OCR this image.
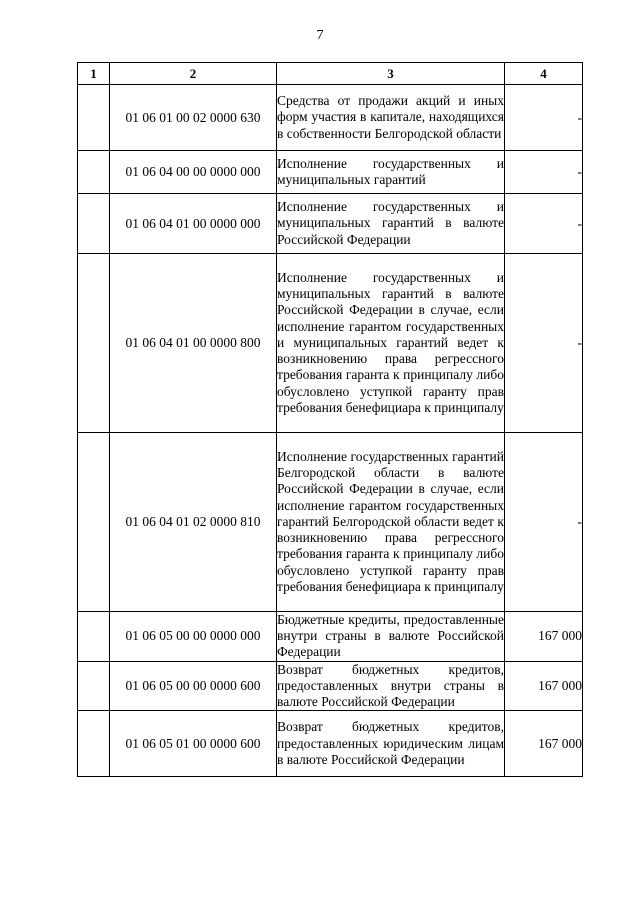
7
1	2	3	4
	01 06 01 00 02 0000 630	Средства от продажи акций и иных форм участия в капитале, находящихся в собственности Белгородской области	-
	01 06 04 00 00 0000 000	Исполнение государственных и муниципальных гарантий	-
	01 06 04 01 00 0000 000	Исполнение государственных и муниципальных гарантий в валюте Российской Федерации	-
	01 06 04 01 00 0000 800	Исполнение государственных и муниципальных гарантий в валюте Российской Федерации в случае, если исполнение гарантом государственных и муниципальных гарантий ведет к возникновению права регрессного требования гаранта к принципалу либо обусловлено уступкой гаранту прав требования бенефициара к принципалу	-
	01 06 04 01 02 0000 810	Исполнение государственных гарантий Белгородской области в валюте Российской Федерации в случае, если исполнение гарантом государственных гарантий Белгородской области ведет к возникновению права регрессного требования гаранта к принципалу либо обусловлено уступкой гаранту прав требования бенефициара к принципалу	-
	01 06 05 00 00 0000 000	Бюджетные кредиты, предоставленные внутри страны в валюте Российской Федерации	167 000
	01 06 05 00 00 0000 600	Возврат бюджетных кредитов, предоставленных внутри страны в валюте Российской Федерации	167 000
	01 06 05 01 00 0000 600	Возврат бюджетных кредитов, предоставленных юридическим лицам в валюте Российской Федерации	167 000
